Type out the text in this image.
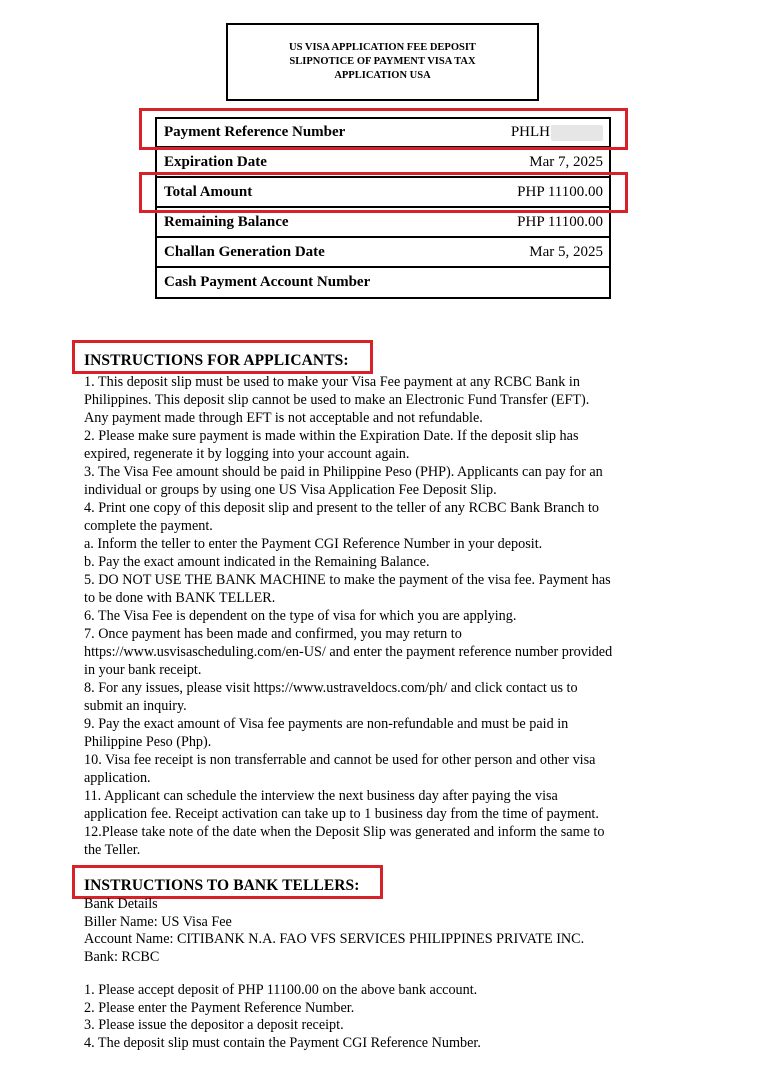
US VISA APPLICATION FEE DEPOSIT
SLIPNOTICE OF PAYMENT VISA TAX
APPLICATION USA
Payment Reference Number	PHLH
Expiration Date	Mar 7, 2025
Total Amount	PHP 11100.00
Remaining Balance	PHP 11100.00
Challan Generation Date	Mar 5, 2025
Cash Payment Account Number
INSTRUCTIONS FOR APPLICANTS:

1. This deposit slip must be used to make your Visa Fee payment at any RCBC Bank in

Philippines. This deposit slip cannot be used to make an Electronic Fund Transfer (EFT).

Any payment made through EFT is not acceptable and not refundable.

2. Please make sure payment is made within the Expiration Date. If the deposit slip has

expired, regenerate it by logging into your account again.

3. The Visa Fee amount should be paid in Philippine Peso (PHP). Applicants can pay for an

individual or groups by using one US Visa Application Fee Deposit Slip.

4. Print one copy of this deposit slip and present to the teller of any RCBC Bank Branch to

complete the payment.

a. Inform the teller to enter the Payment CGI Reference Number in your deposit.

b. Pay the exact amount indicated in the Remaining Balance.

5. DO NOT USE THE BANK MACHINE to make the payment of the visa fee. Payment has

to be done with BANK TELLER.

6. The Visa Fee is dependent on the type of visa for which you are applying.

7. Once payment has been made and confirmed, you may return to

https://www.usvisascheduling.com/en-US/ and enter the payment reference number provided

in your bank receipt.

8. For any issues, please visit https://www.ustraveldocs.com/ph/ and click contact us to

submit an inquiry.

9. Pay the exact amount of Visa fee payments are non-refundable and must be paid in

Philippine Peso (Php).

10. Visa fee receipt is non transferrable and cannot be used for other person and other visa

application.

11. Applicant can schedule the interview the next business day after paying the visa

application fee. Receipt activation can take up to 1 business day from the time of payment.

12.Please take note of the date when the Deposit Slip was generated and inform the same to

the Teller.

INSTRUCTIONS TO BANK TELLERS:

Bank Details

Biller Name: US Visa Fee

Account Name: CITIBANK N.A. FAO VFS SERVICES PHILIPPINES PRIVATE INC.

Bank: RCBC

1. Please accept deposit of PHP 11100.00 on the above bank account.

2. Please enter the Payment Reference Number.

3. Please issue the depositor a deposit receipt.

4. The deposit slip must contain the Payment CGI Reference Number.
